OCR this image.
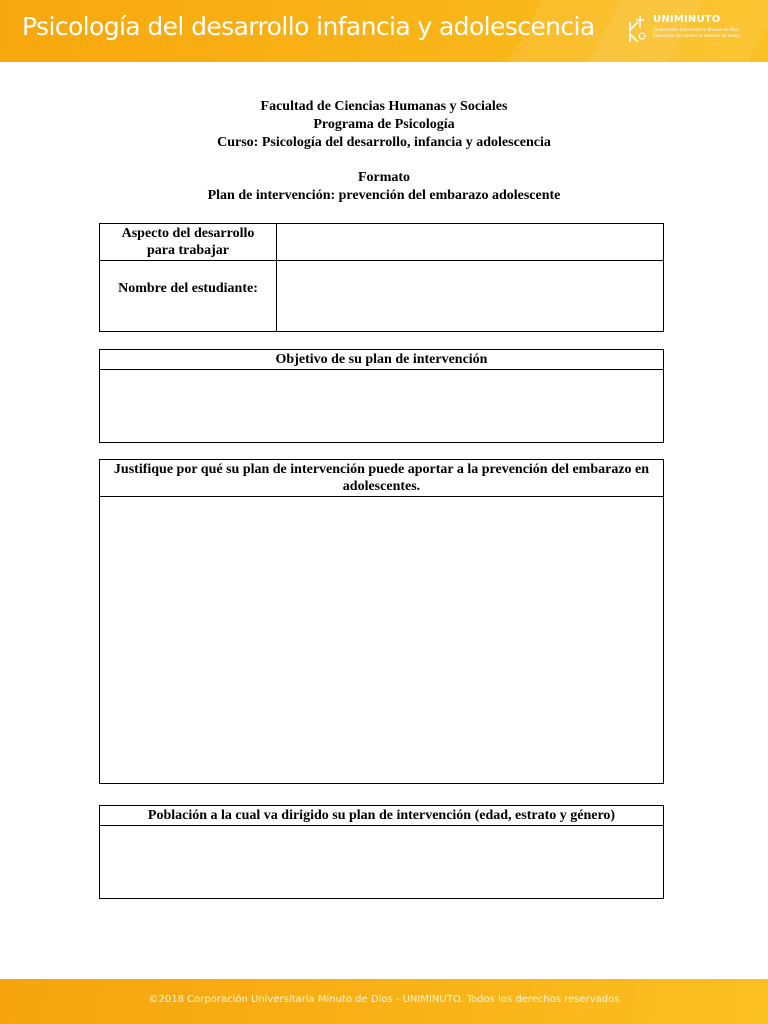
Psicología del desarrollo infancia y adolescencia	UNIMINUTO
Corporación Universitaria Minuto de Dios
Educación de calidad al alcance de todos
Facultad de Ciencias Humanas y Sociales
Programa de Psicología
Curso: Psicología del desarrollo, infancia y adolescencia
Formato
Plan de intervención: prevención del embarazo adolescente
Aspecto del desarrollo para trabajar
Nombre del estudiante:
Objetivo de su plan de intervención
Justifique por qué su plan de intervención puede aportar a la prevención del embarazo en adolescentes.
Población a la cual va dirigido su plan de intervención (edad, estrato y género)
©2018 Corporación Universitaria Minuto de Dios - UNIMINUTO. Todos los derechos reservados
